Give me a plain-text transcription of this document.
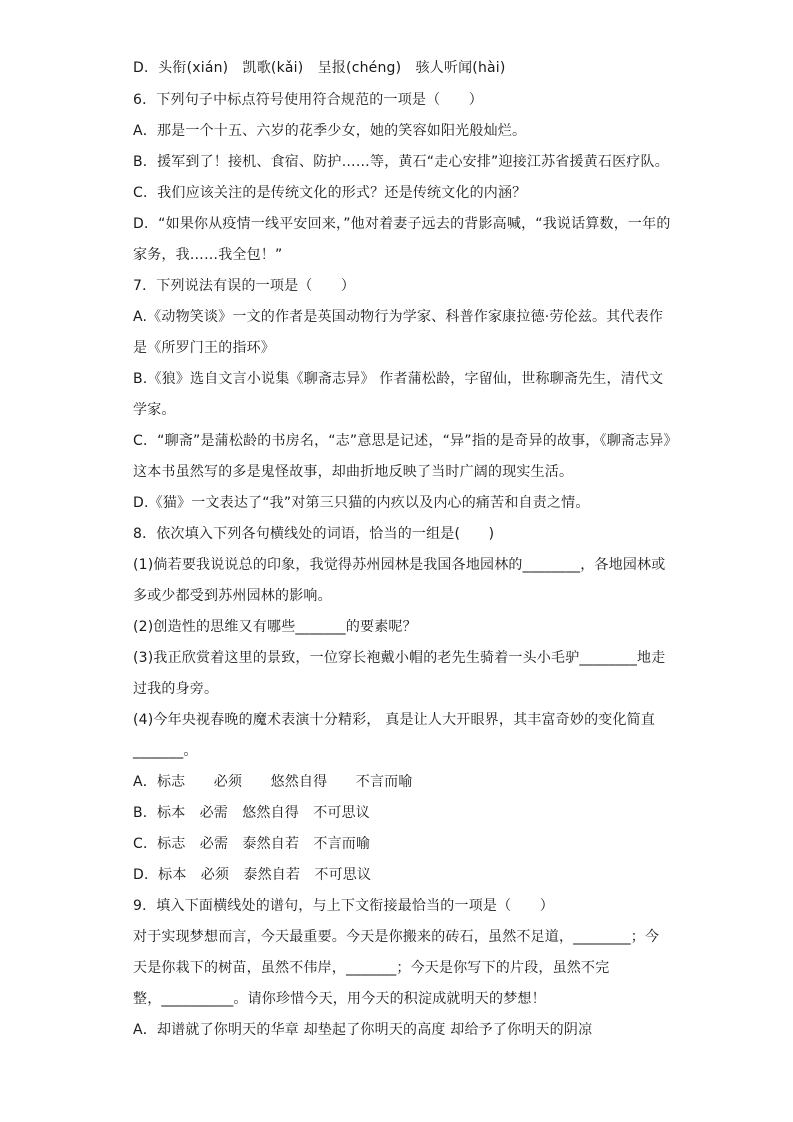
D．头衔(xián)　凯歌(kǎi)　呈报(chéng)　骇人听闻(hài)
6．下列句子中标点符号使用符合规范的一项是（　　）
A．那是一个十五、六岁的花季少女，她的笑容如阳光般灿烂。
B．援军到了！接机、食宿、防护……等，黄石“走心安排”迎接江苏省援黄石医疗队。
C．我们应该关注的是传统文化的形式？还是传统文化的内涵？
D．“如果你从疫情一线平安回来，”他对着妻子远去的背影高喊，“我说话算数，一年的
家务，我……我全包！”
7．下列说法有误的一项是（　　）
A.《动物笑谈》一文的作者是英国动物行为学家、科普作家康拉德·劳伦兹。其代表作
是《所罗门王的指环》
B.《狼》选自文言小说集《聊斋志异》 作者蒲松龄，字留仙，世称聊斋先生，清代文
学家。
C．“聊斋”是蒲松龄的书房名，“志”意思是记述，“异”指的是奇异的故事，《聊斋志异》
这本书虽然写的多是鬼怪故事，却曲折地反映了当时广阔的现实生活。
D.《猫》一文表达了“我”对第三只猫的内疚以及内心的痛苦和自责之情。
8．依次填入下列各句横线处的词语，恰当的一组是(　　)
(1)倘若要我说说总的印象，我觉得苏州园林是我国各地园林的________，各地园林或
多或少都受到苏州园林的影响。
(2)创造性的思维又有哪些_______的要素呢？
(3)我正欣赏着这里的景致，一位穿长袍戴小帽的老先生骑着一头小毛驴________地走
过我的身旁。
(4)今年央视春晚的魔术表演十分精彩， 真是让人大开眼界，其丰富奇妙的变化简直
_______。
A．标志　　必须　　悠然自得　　不言而喻
B．标本　必需　悠然自得　不可思议
C．标志　必需　泰然自若　不言而喻
D．标本　必须　泰然自若　不可思议
9．填入下面横线处的谱句，与上下文衔接最恰当的一项是（　　）
对于实现梦想而言，今天最重要。今天是你搬来的砖石，虽然不足道，________；今
天是你栽下的树苗，虽然不伟岸，_______；今天是你写下的片段，虽然不完
整，__________。请你珍惜今天，用今天的积淀成就明天的梦想！
A．却谱就了你明天的华章 却垫起了你明天的高度 却给予了你明天的阴凉
